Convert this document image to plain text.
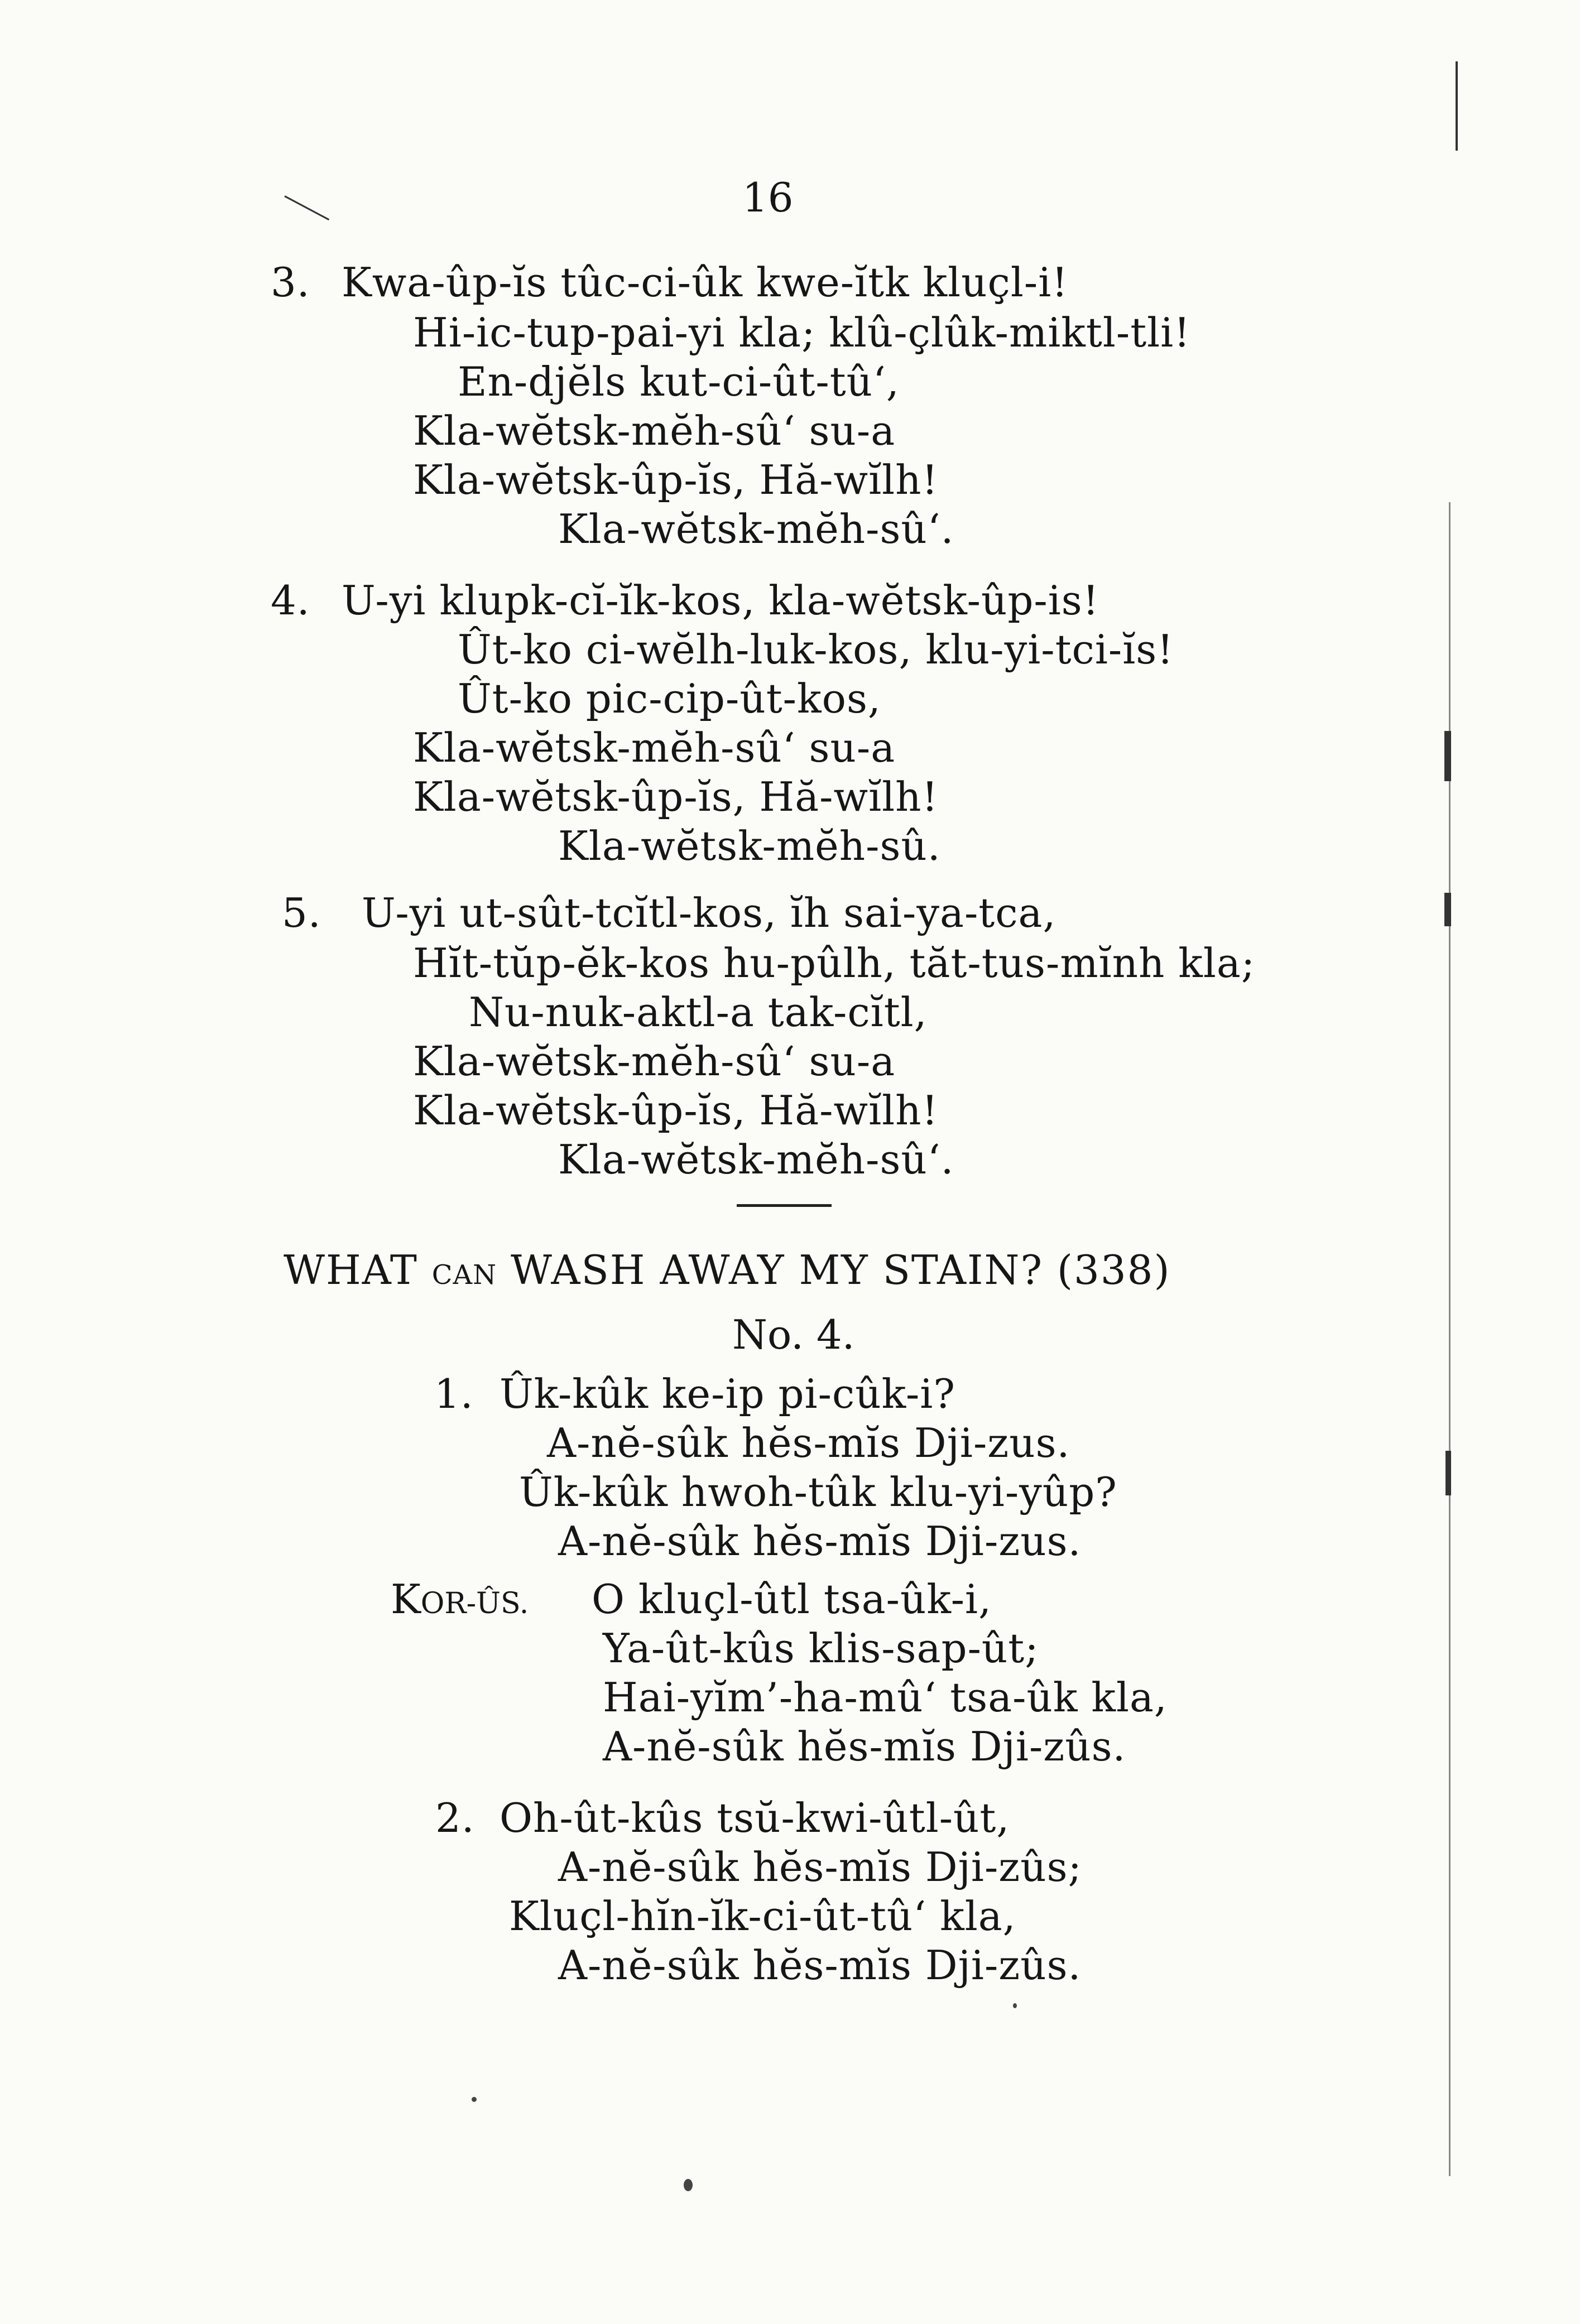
16
3. Kwa-ûp-ĭs tûc-ci-ûk kwe-ĭtk kluçl-i!
Hi-ic-tup-pai-yi kla; klû-çlûk-miktl-tli!
En-djĕls kut-ci-ût-tû‘,
Kla-wĕtsk-mĕh-sû‘ su-a
Kla-wĕtsk-ûp-ĭs, Hă-wĭlh!
Kla-wĕtsk-mĕh-sû‘.
4. U-yi klupk-cĭ-ĭk-kos, kla-wĕtsk-ûp-is!
Ût-ko ci-wĕlh-luk-kos, klu-yi-tci-ĭs!
Ût-ko pic-cip-ût-kos,
Kla-wĕtsk-mĕh-sû‘ su-a
Kla-wĕtsk-ûp-ĭs, Hă-wĭlh!
Kla-wĕtsk-mĕh-sû.
5. U-yi ut-sût-tcĭtl-kos, ĭh sai-ya-tca,
Hĭt-tŭp-ĕk-kos hu-pûlh, tăt-tus-mĭnh kla;
Nu-nuk-aktl-a tak-cĭtl,
Kla-wĕtsk-mĕh-sû‘ su-a
Kla-wĕtsk-ûp-ĭs, Hă-wĭlh!
Kla-wĕtsk-mĕh-sû‘.
WHAT CAN WASH AWAY MY STAIN? (338)
No. 4.
1. Ûk-kûk ke-ip pi-cûk-i?
A-nĕ-sûk hĕs-mĭs Dji-zus.
Ûk-kûk hwoh-tûk klu-yi-yûp?
A-nĕ-sûk hĕs-mĭs Dji-zus.
KOR-ÛS. O kluçl-ûtl tsa-ûk-i,
Ya-ût-kûs klis-sap-ût;
Hai-yĭm’-ha-mû‘ tsa-ûk kla,
A-nĕ-sûk hĕs-mĭs Dji-zûs.
2. Oh-ût-kûs tsŭ-kwi-ûtl-ût,
A-nĕ-sûk hĕs-mĭs Dji-zûs;
Kluçl-hĭn-ĭk-ci-ût-tû‘ kla,
A-nĕ-sûk hĕs-mĭs Dji-zûs.
